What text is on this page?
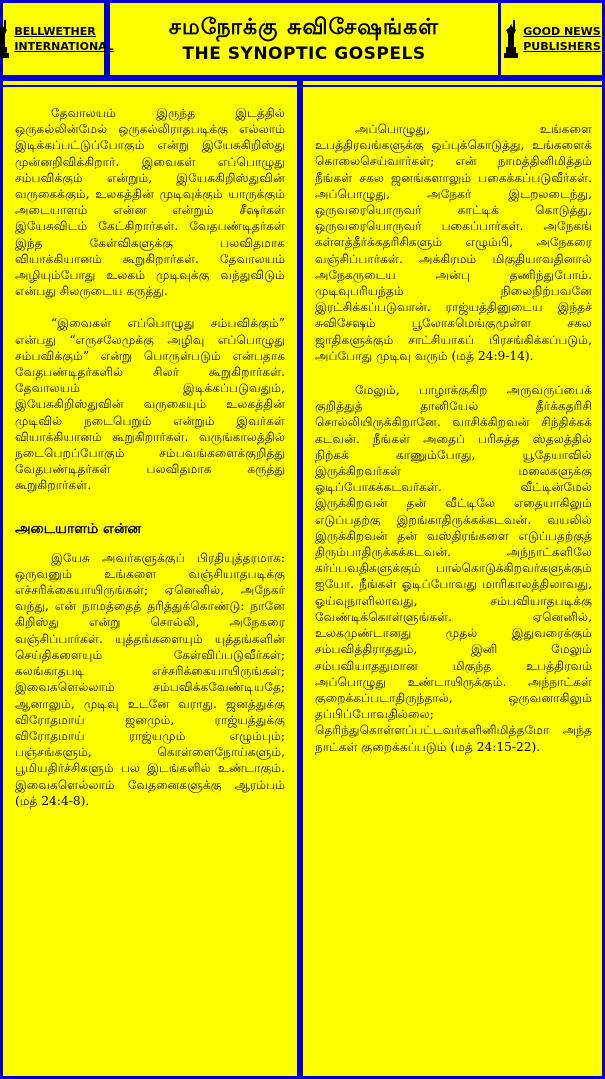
BELLWETHER
INTERNATIONAL
சமநோக்கு சுவிசேஷங்கள்
THE SYNOPTIC GOSPELS
GOOD NEWS
PUBLISHERS

தேவாலயம் இருந்த இடத்தில் ஒருகல்லின்மேல் ஒருகல்லிராதபடிக்கு எல்லாம் இடிக்கப்பட்டுப்போகும் என்று இயேசுகிறிஸ்து முன்னறிவிக்கிறார். இவைகள் எப்பொழுது சம்பவிக்கும் என்றும், இயேசுகிறிஸ்துவின் வருகைக்கும், உலகத்தின் முடிவுக்கும் யாருக்கும் அடையாளம் என்ன என்றும் சீஷர்கள் இயேசுவிடம் கேட்கிறார்கள். வேதபண்டிதர்கள் இந்த கேள்விகளுக்கு பலவிதமாக வியாக்கியானம் கூறுகிறார்கள். தேவாலயம் அழியும்போது உலகம் முடிவுக்கு வந்துவிடும் என்பது சிலருடைய கருத்து.

“இவைகள் எப்பொழுது சம்பவிக்கும்” என்பது “எருசலேமுக்கு அழிவு எப்பொழுது சம்பவிக்கும்” என்று பொருள்படும் என்பதாக வேதபண்டிதர்களில் சிலர் கூறுகிறார்கள். தேவாலயம் இடிக்கப்படுவதும், இயேசுகிறிஸ்துவின் வருகையும் உலகத்தின் முடிவில் நடைபெறும் என்றும் இவர்கள் வியாக்கியானம் கூறுகிறார்கள். வருங்காலத்தில் நடைபெறப்போகும் சம்பவங்களைக்குறித்து வேதபண்டிதர்கள் பலவிதமாக கருத்து கூறுகிறார்கள்.

அடையாளம் என்ன

இயேசு அவர்களுக்குப் பிரதியுத்தரமாக: ஒருவனும் உங்களை வஞ்சியாதபடிக்கு எச்சரிக்கையாயிருங்கள்; ஏனெனில், அநேகர் வந்து, என் நாமத்தைத் தரித்துக்கொண்டு: நானே கிறிஸ்து என்று சொல்லி, அநேகரை வஞ்சிப்பார்கள். யுத்தங்களையும் யுத்தங்களின் செய்திகளையும் கேள்விப்படுவீர்கள்; கலங்காதபடி எச்சரிக்கையாயிருங்கள்; இவைகளெல்லாம் சம்பவிக்கவேண்டியதே; ஆனாலும், முடிவு உடனே வராது. ஜனத்துக்கு விரோதமாய் ஜனமும், ராஜ்யத்துக்கு விரோதமாய் ராஜ்யமும் எழும்பும்; பஞ்சங்களும், கொள்ளைநோய்களும், பூமியதிர்ச்சிகளும் பல இடங்களில் உண்டாகும். இவைகளெல்லாம் வேதனைகளுக்கு ஆரம்பம் (மத் 24:4-8).

அப்பொழுது, உங்களை உபத்திரவங்களுக்கு ஒப்புக்கொடுத்து, உங்களைக் கொலைசெய்வார்கள்; என் நாமத்தினிமித்தம் நீங்கள் சகல ஜனங்களாலும் பகைக்கப்படுவீர்கள். அப்பொழுது, அநேகர் இடறலடைந்து, ஒருவரையொருவர் காட்டிக் கொடுத்து, ஒருவரையொருவர் பகைப்பார்கள். அநேகங் கள்ளத்தீர்க்கதரிசிகளும் எழும்பி, அநேகரை வஞ்சிப்பார்கள். அக்கிரமம் மிகுதியாவதினால் அநேகருடைய அன்பு தணிந்துபோம். முடிவுபரியந்தம் நிலைநிற்பவனே இரட்சிக்கப்படுவான். ராஜ்யத்தினுடைய இந்தச் சுவிசேஷம் பூலோகமெங்குமுள்ள சகல ஜாதிகளுக்கும் சாட்சியாகப் பிரசங்கிக்கப்படும், அப்போது முடிவு வரும் (மத் 24:9-14).

மேலும், பாழாக்குகிற அருவருப்பைக் குறித்துத் தானியேல் தீர்க்கதரிசி சொல்லியிருக்கிறானே. வாசிக்கிறவன் சிந்திக்கக் கடவன். நீங்கள் அதைப் பரிசுத்த ஸ்தலத்தில் நிற்கக் காணும்போது, யூதேயாவில் இருக்கிறவர்கள் மலைகளுக்கு ஓடிப்போகக்கடவர்கள். வீட்டின்மேல் இருக்கிறவன் தன் வீட்டிலே எதையாகிலும் எடுப்பதற்கு இறங்காதிருக்கக்கடவன். வயலில் இருக்கிறவன் தன் வஸ்திரங்களை எடுப்பதற்குத் திரும்பாதிருக்கக்கடவன். அந்நாட்களிலே கர்ப்பவதிகளுக்கும் பால்கொடுக்கிறவர்களுக்கும் ஐயோ. நீங்கள் ஓடிப்போவது மாரிகாலத்திலாவது, ஓய்வுநாளிலாவது, சம்பவியாதபடிக்கு வேண்டிக்கொள்ளுங்கள். ஏனெனில், உலகமுண்டானது முதல் இதுவரைக்கும் சம்பவித்திராததும், இனி மேலும் சம்பவியாததுமான மிகுந்த உபத்திரவம் அப்பொழுது உண்டாயிருக்கும். அந்நாட்கள் குறைக்கப்படாதிருந்தால், ஒருவனாகிலும் தப்பிப்போவதில்லை; தெரிந்துகொள்ளப்பட்டவர்களினிமித்தமோ அந்த நாட்கள் குறைக்கப்படும் (மத் 24:15-22).
